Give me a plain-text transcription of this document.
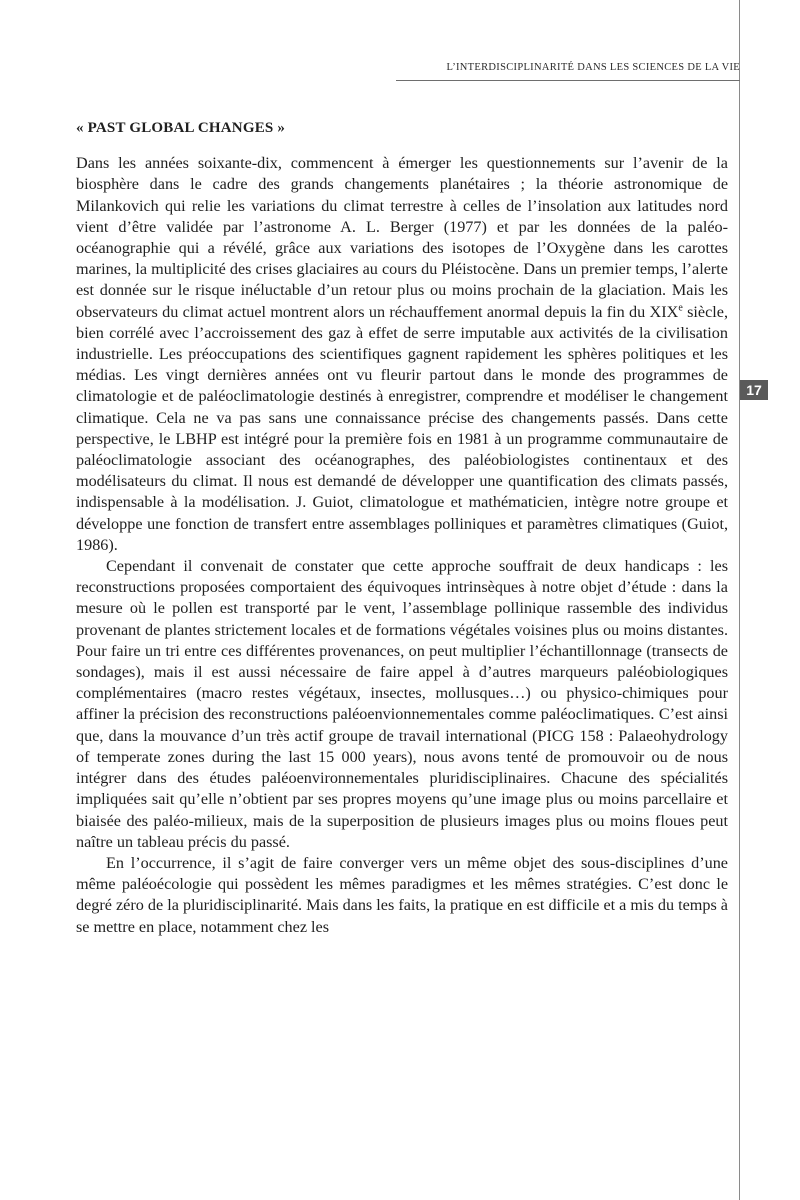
L’INTERDISCIPLINARITÉ DANS LES SCIENCES DE LA VIE
17
« PAST GLOBAL CHANGES »

Dans les années soixante-dix, commencent à émerger les questionnements sur l’avenir de la biosphère dans le cadre des grands changements planétaires ; la théorie astronomique de Milankovich qui relie les variations du climat terrestre à celles de l’insolation aux latitudes nord vient d’être validée par l’astronome A. L. Berger (1977) et par les données de la paléo-océanographie qui a révélé, grâce aux variations des isotopes de l’Oxygène dans les carottes marines, la multiplicité des crises glaciaires au cours du Pléistocène. Dans un premier temps, l’alerte est donnée sur le risque inéluctable d’un retour plus ou moins prochain de la glaciation. Mais les observateurs du climat actuel montrent alors un réchauffement anormal depuis la fin du XIXe siècle, bien corrélé avec l’accroissement des gaz à effet de serre imputable aux activités de la civilisation industrielle. Les préoccupations des scientifiques gagnent rapidement les sphères politiques et les médias. Les vingt dernières années ont vu fleurir partout dans le monde des programmes de climatologie et de paléoclimatologie destinés à enregistrer, comprendre et modéliser le changement climatique. Cela ne va pas sans une connaissance précise des changements passés. Dans cette perspective, le LBHP est intégré pour la première fois en 1981 à un programme communautaire de paléoclimatologie associant des océanographes, des paléobiologistes continentaux et des modélisateurs du climat. Il nous est demandé de développer une quantification des climats passés, indispensable à la modélisation. J. Guiot, climatologue et mathématicien, intègre notre groupe et développe une fonction de transfert entre assemblages polliniques et paramètres climatiques (Guiot, 1986).

Cependant il convenait de constater que cette approche souffrait de deux handicaps : les reconstructions proposées comportaient des équivoques intrinsèques à notre objet d’étude : dans la mesure où le pollen est transporté par le vent, l’assemblage pollinique rassemble des individus provenant de plantes strictement locales et de formations végétales voisines plus ou moins distantes. Pour faire un tri entre ces différentes provenances, on peut multiplier l’échantillonnage (transects de sondages), mais il est aussi nécessaire de faire appel à d’autres marqueurs paléobiologiques complémentaires (macro restes végétaux, insectes, mollusques…) ou physico-chimiques pour affiner la précision des reconstructions paléoenvionnementales comme paléoclimatiques. C’est ainsi que, dans la mouvance d’un très actif groupe de travail international (PICG 158 : Palaeohydrology of temperate zones during the last 15 000 years), nous avons tenté de promouvoir ou de nous intégrer dans des études paléoenvironnementales pluridisciplinaires. Chacune des spécialités impliquées sait qu’elle n’obtient par ses propres moyens qu’une image plus ou moins parcellaire et biaisée des paléo-milieux, mais de la superposition de plusieurs images plus ou moins floues peut naître un tableau précis du passé.

En l’occurrence, il s’agit de faire converger vers un même objet des sous-disciplines d’une même paléoécologie qui possèdent les mêmes paradigmes et les mêmes stratégies. C’est donc le degré zéro de la pluridisciplinarité. Mais dans les faits, la pratique en est difficile et a mis du temps à se mettre en place, notamment chez les
